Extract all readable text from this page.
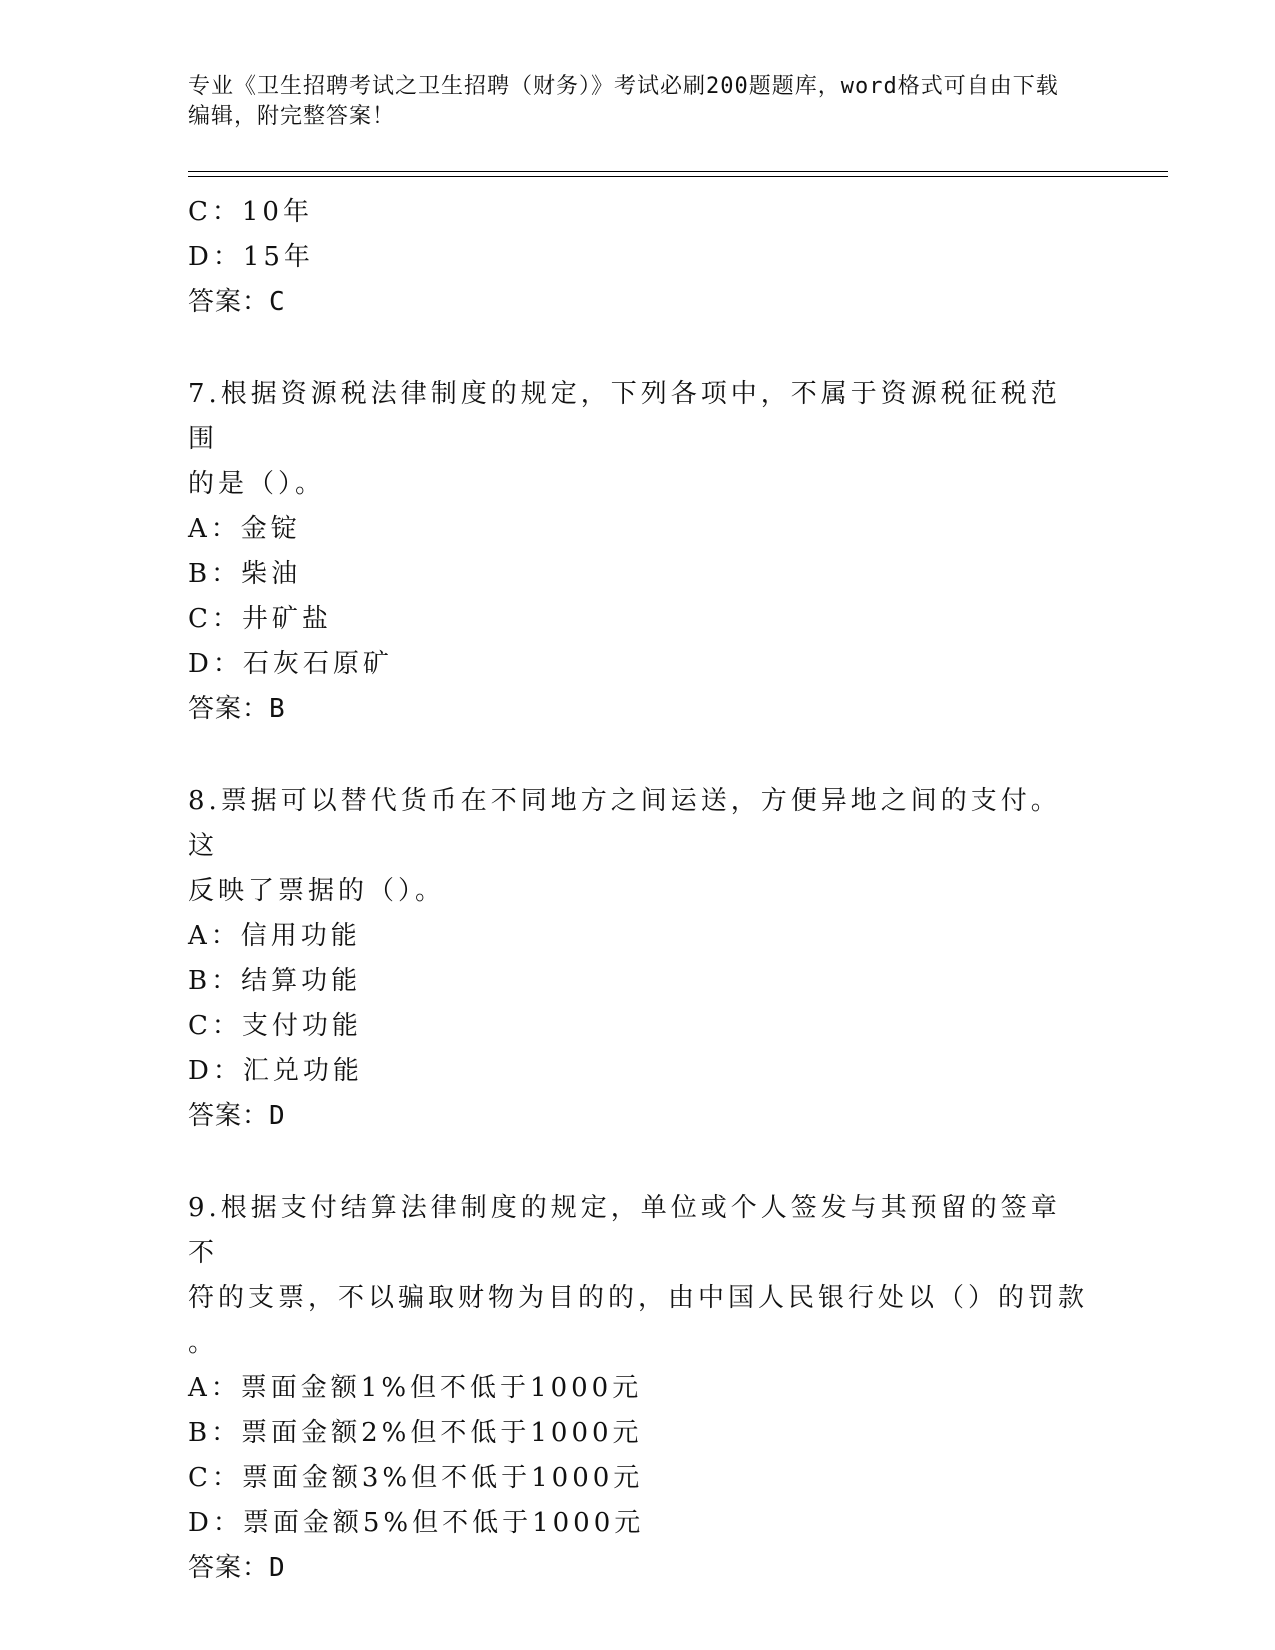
专业《卫生招聘考试之卫生招聘（财务）》考试必刷200题题库，word格式可自由下载编辑，附完整答案！
C：10年
D：15年
答案：C
7.根据资源税法律制度的规定，下列各项中，不属于资源税征税范围
的是（）。
A：金锭
B：柴油
C：井矿盐
D：石灰石原矿
答案：B
8.票据可以替代货币在不同地方之间运送，方便异地之间的支付。这
反映了票据的（）。
A：信用功能
B：结算功能
C：支付功能
D：汇兑功能
答案：D
9.根据支付结算法律制度的规定，单位或个人签发与其预留的签章不
符的支票，不以骗取财物为目的的，由中国人民银行处以（）的罚款
。
A：票面金额1%但不低于1000元
B：票面金额2%但不低于1000元
C：票面金额3%但不低于1000元
D：票面金额5%但不低于1000元
答案：D
